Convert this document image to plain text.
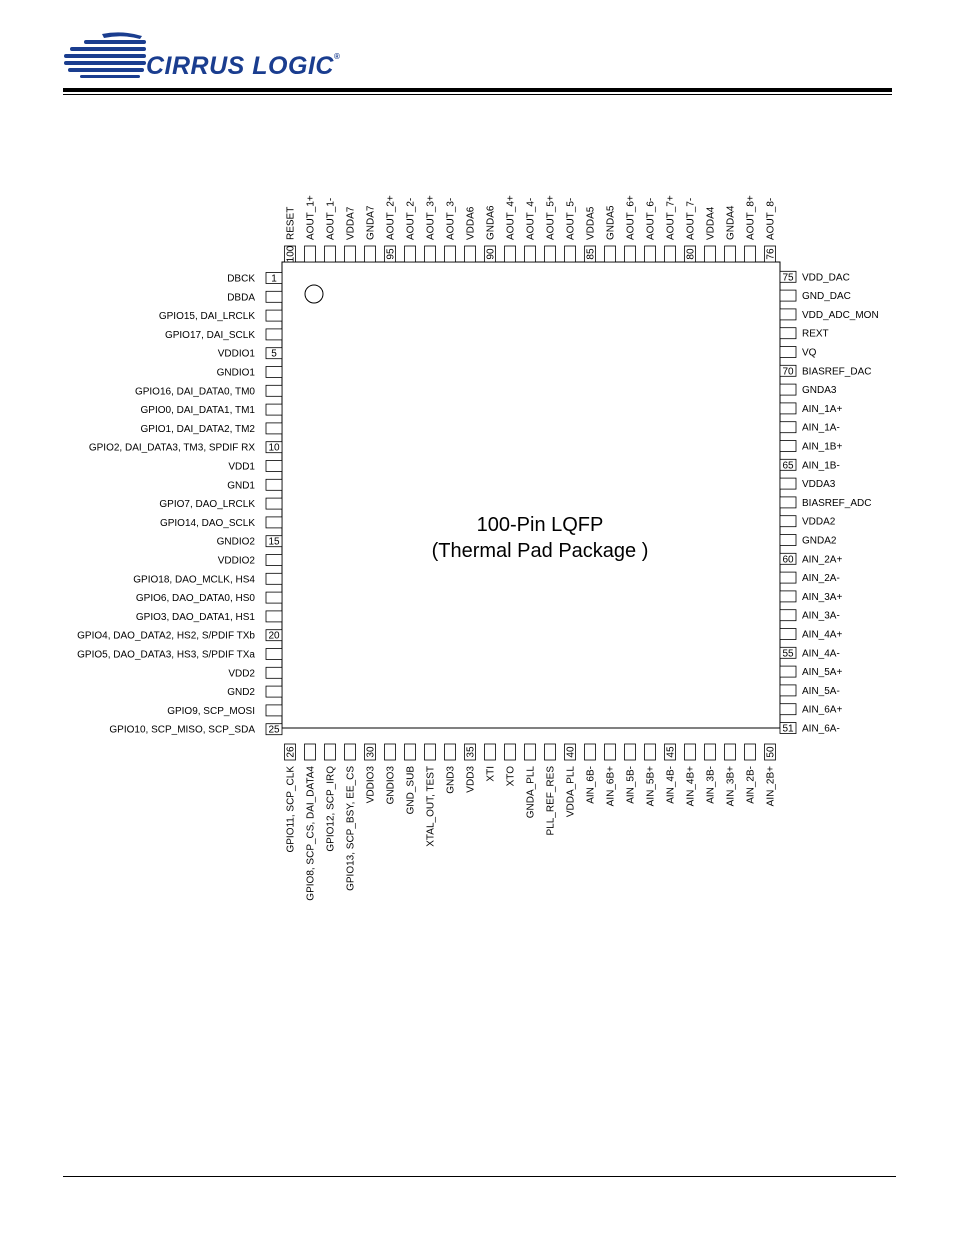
CIRRUS LOGIC®
100-Pin LQFP
(Thermal Pad Package )
1
DBCK
DBDA
GPIO15, DAI_LRCLK
GPIO17, DAI_SCLK
5
VDDIO1
GNDIO1
GPIO16, DAI_DATA0, TM0
GPIO0, DAI_DATA1, TM1
GPIO1, DAI_DATA2, TM2
10
GPIO2, DAI_DATA3, TM3, SPDIF RX
VDD1
GND1
GPIO7, DAO_LRCLK
GPIO14, DAO_SCLK
15
GNDIO2
VDDIO2
GPIO18, DAO_MCLK, HS4
GPIO6, DAO_DATA0, HS0
GPIO3, DAO_DATA1, HS1
20
GPIO4, DAO_DATA2, HS2, S/PDIF TXb
GPIO5, DAO_DATA3, HS3, S/PDIF TXa
VDD2
GND2
GPIO9, SCP_MOSI
25
GPIO10, SCP_MISO, SCP_SDA	51 AIN_6A-
AIN_6A+
AIN_5A-
AIN_5A+
55 AIN_4A-
AIN_4A+
AIN_3A-
AIN_3A+
AIN_2A-
60 AIN_2A+
GNDA2
VDDA2
BIASREF_ADC
VDDA3
65 AIN_1B-
AIN_1B+
AIN_1A-
AIN_1A+
GNDA3
70 BIASREF_DAC
VQ
REXT
VDD_ADC_MON
GND_DAC
75 VDD_DAC
26
GPIO11, SCP_CLK GPIO8, SCP_CS, DAI_DATA4 GPIO12, SCP_IRQ GPIO13, SCP_BSY, EE_CS
30
VDDIO3 GNDIO3 GND_SUB XTAL_OUT, TEST GND3
35
VDD3 XTI XTO GNDA_PLL PLL_REF_RES
40
VDDA_PLL AIN_6B- AIN_6B+ AIN_5B- AIN_5B+
45
AIN_4B- AIN_4B+ AIN_3B- AIN_3B+ AIN_2B-
50
AIN_2B+
76
AOUT_8-
AOUT_8+
GNDA4
VDDA4
80
AOUT_7-
AOUT_7+
AOUT_6-
AOUT_6+
GNDA5
85
VDDA5
AOUT_5-
AOUT_5+
AOUT_4-
AOUT_4+
90
GNDA6
VDDA6
AOUT_3-
AOUT_3+
AOUT_2-
95
AOUT_2+
GNDA7
VDDA7
AOUT_1-
AOUT_1+
100
RESET
